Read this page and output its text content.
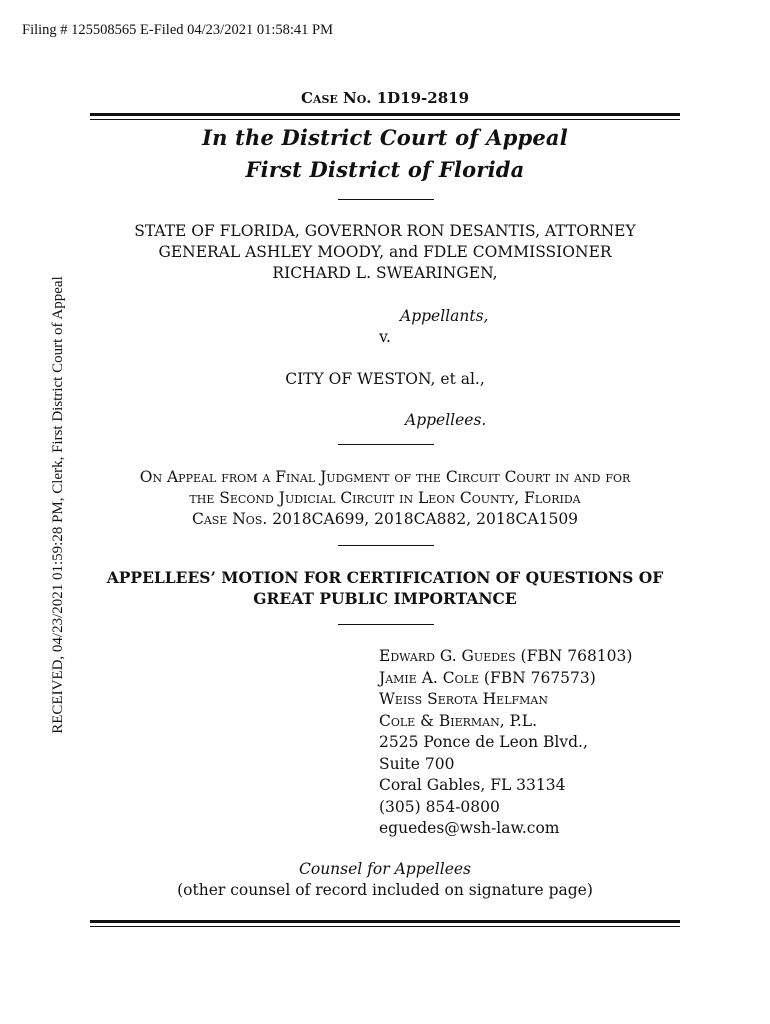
Filing # 125508565 E-Filed 04/23/2021 01:58:41 PM
RECEIVED, 04/23/2021 01:59:28 PM, Clerk, First District Court of Appeal
Case No. 1D19-2819
In the District Court of Appeal
First District of Florida
STATE OF FLORIDA, GOVERNOR RON DESANTIS, ATTORNEY
GENERAL ASHLEY MOODY, and FDLE COMMISSIONER
RICHARD L. SWEARINGEN,
Appellants,
v.
CITY OF WESTON, et al.,
Appellees.
On Appeal from a Final Judgment of the Circuit Court in and for
the Second Judicial Circuit in Leon County, Florida
Case Nos. 2018CA699, 2018CA882, 2018CA1509
APPELLEES’ MOTION FOR CERTIFICATION OF QUESTIONS OF
GREAT PUBLIC IMPORTANCE
Edward G. Guedes (FBN 768103)
Jamie A. Cole (FBN 767573)
Weiss Serota Helfman
Cole & Bierman, P.L.
2525 Ponce de Leon Blvd.,
Suite 700
Coral Gables, FL 33134
(305) 854-0800
eguedes@wsh-law.com
Counsel for Appellees
(other counsel of record included on signature page)
